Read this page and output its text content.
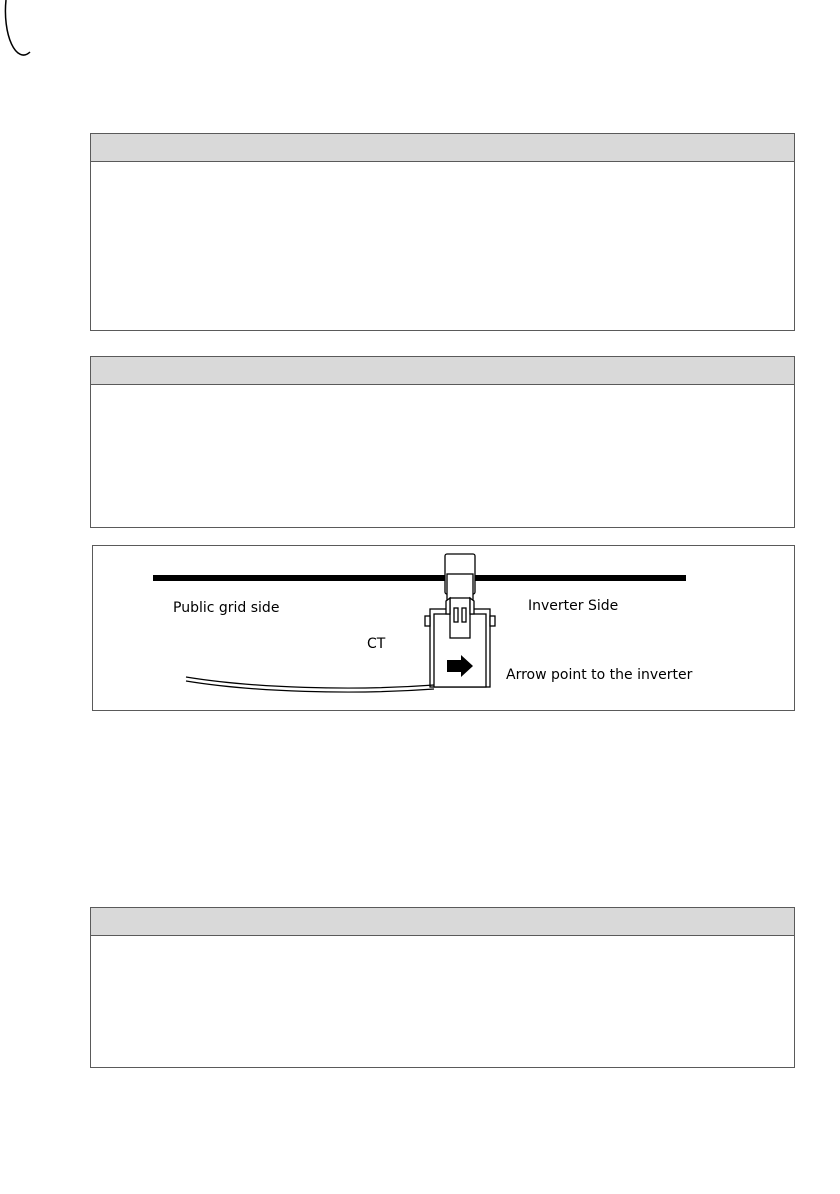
Public grid side	Inverter Side
CT
Arrow point to the inverter
